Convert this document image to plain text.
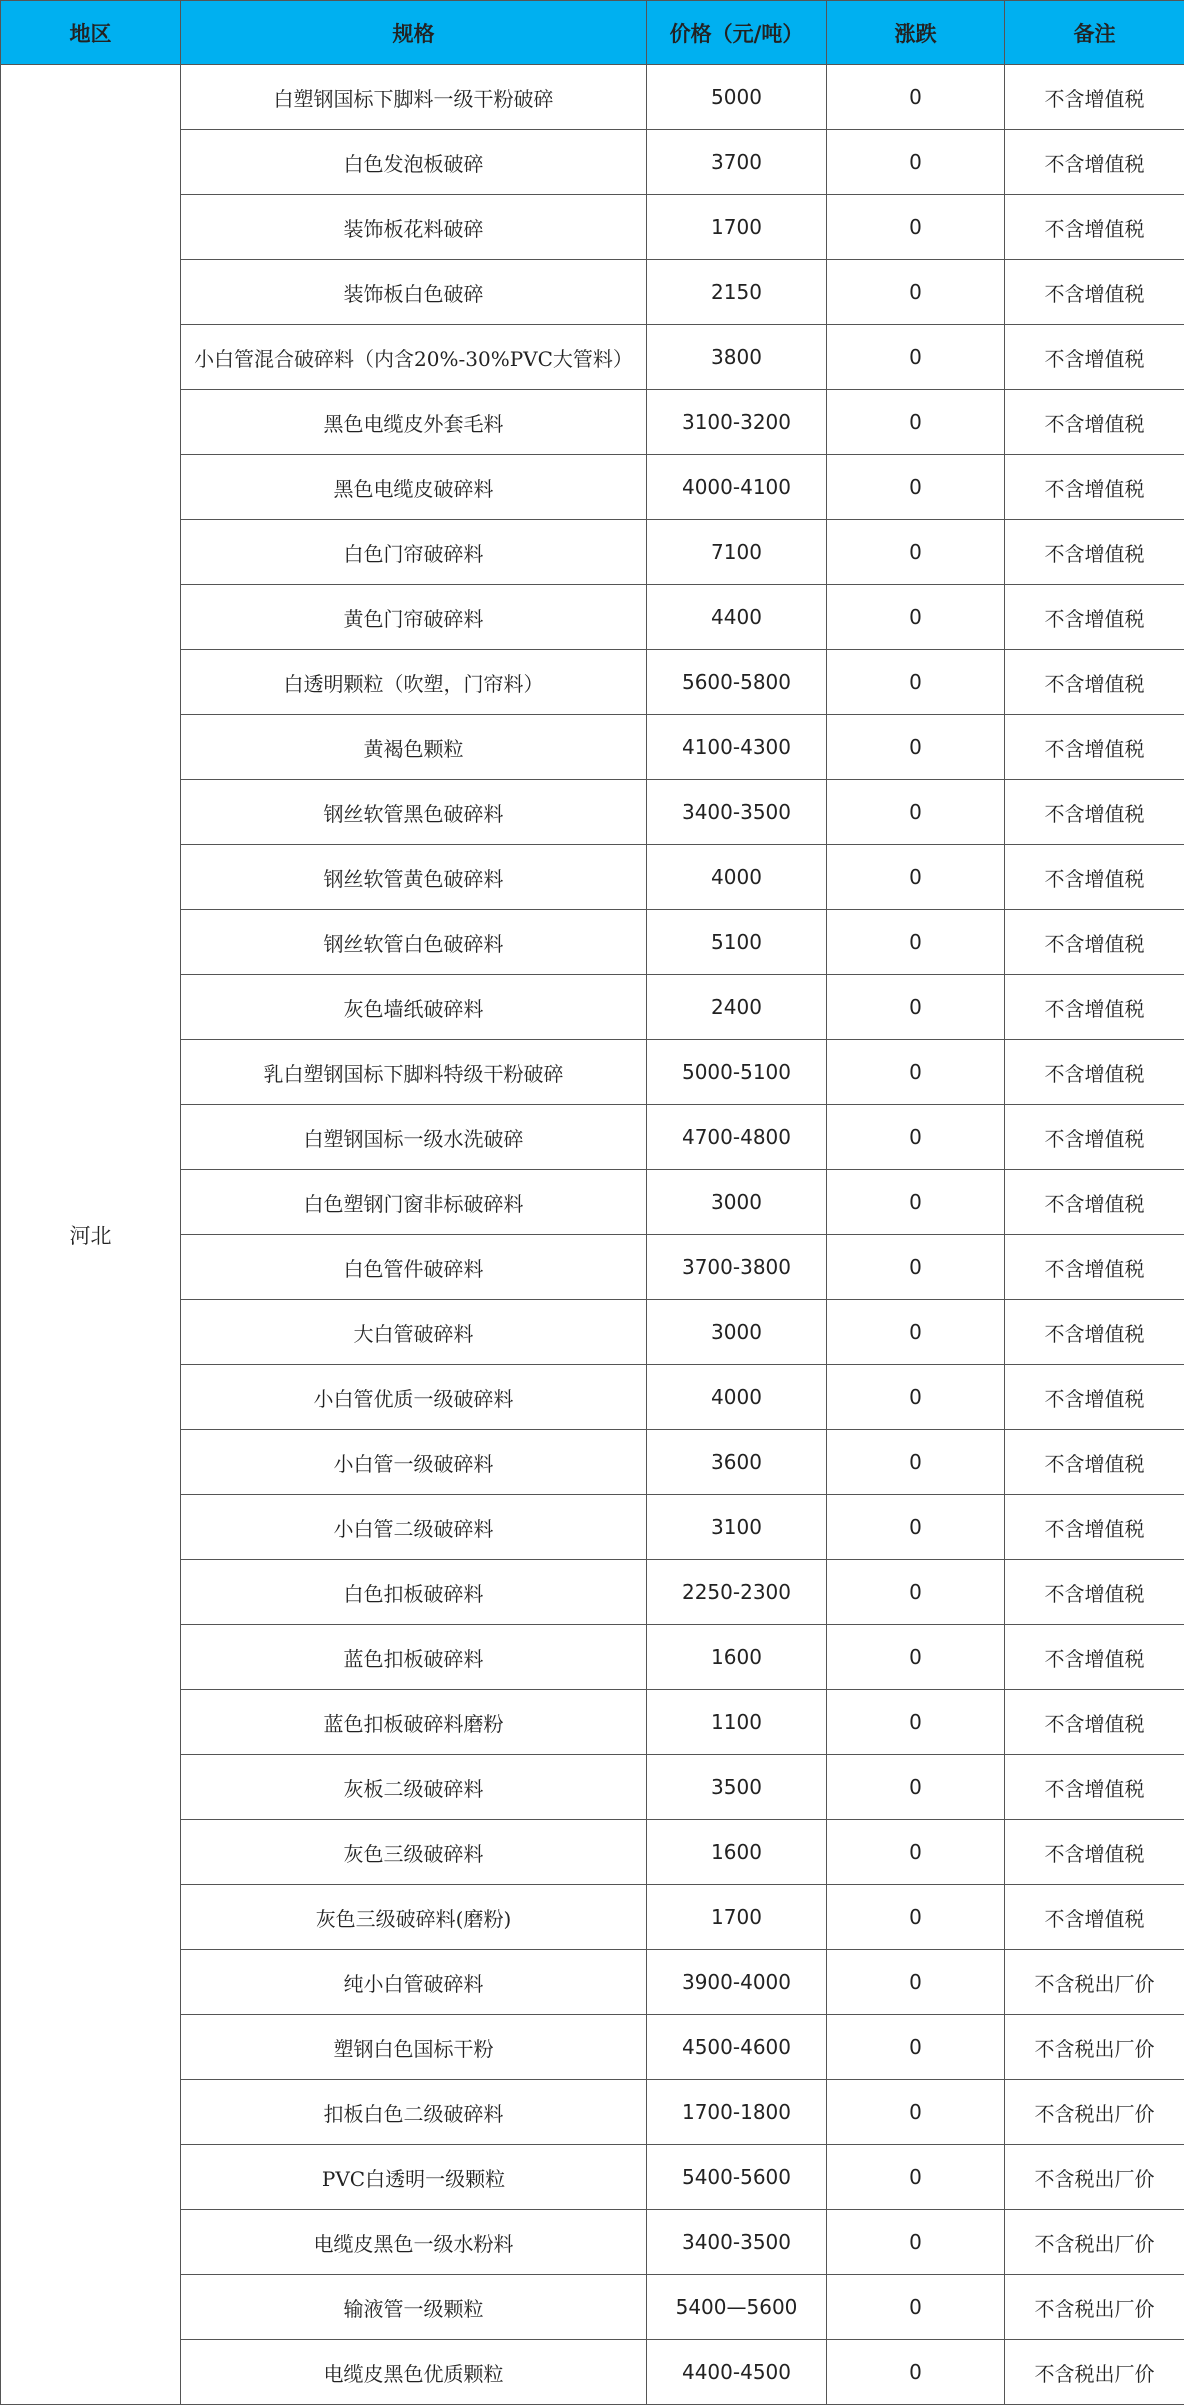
地区	规格	价格（元/吨）	涨跌	备注
河北	白塑钢国标下脚料一级干粉破碎	5000	0	不含增值税
	白色发泡板破碎	3700	0	不含增值税
	装饰板花料破碎	1700	0	不含增值税
	装饰板白色破碎	2150	0	不含增值税
	小白管混合破碎料（内含20%-30%PVC大管料）	3800	0	不含增值税
	黑色电缆皮外套毛料	3100-3200	0	不含增值税
	黑色电缆皮破碎料	4000-4100	0	不含增值税
	白色门帘破碎料	7100	0	不含增值税
	黄色门帘破碎料	4400	0	不含增值税
	白透明颗粒（吹塑，门帘料）	5600-5800	0	不含增值税
	黄褐色颗粒	4100-4300	0	不含增值税
	钢丝软管黑色破碎料	3400-3500	0	不含增值税
	钢丝软管黄色破碎料	4000	0	不含增值税
	钢丝软管白色破碎料	5100	0	不含增值税
	灰色墙纸破碎料	2400	0	不含增值税
	乳白塑钢国标下脚料特级干粉破碎	5000-5100	0	不含增值税
	白塑钢国标一级水洗破碎	4700-4800	0	不含增值税
	白色塑钢门窗非标破碎料	3000	0	不含增值税
	白色管件破碎料	3700-3800	0	不含增值税
	大白管破碎料	3000	0	不含增值税
	小白管优质一级破碎料	4000	0	不含增值税
	小白管一级破碎料	3600	0	不含增值税
	小白管二级破碎料	3100	0	不含增值税
	白色扣板破碎料	2250-2300	0	不含增值税
	蓝色扣板破碎料	1600	0	不含增值税
	蓝色扣板破碎料磨粉	1100	0	不含增值税
	灰板二级破碎料	3500	0	不含增值税
	灰色三级破碎料	1600	0	不含增值税
	灰色三级破碎料(磨粉)	1700	0	不含增值税
	纯小白管破碎料	3900-4000	0	不含税出厂价
	塑钢白色国标干粉	4500-4600	0	不含税出厂价
	扣板白色二级破碎料	1700-1800	0	不含税出厂价
	PVC白透明一级颗粒	5400-5600	0	不含税出厂价
	电缆皮黑色一级水粉料	3400-3500	0	不含税出厂价
	输液管一级颗粒	5400—5600	0	不含税出厂价
	电缆皮黑色优质颗粒	4400-4500	0	不含税出厂价
